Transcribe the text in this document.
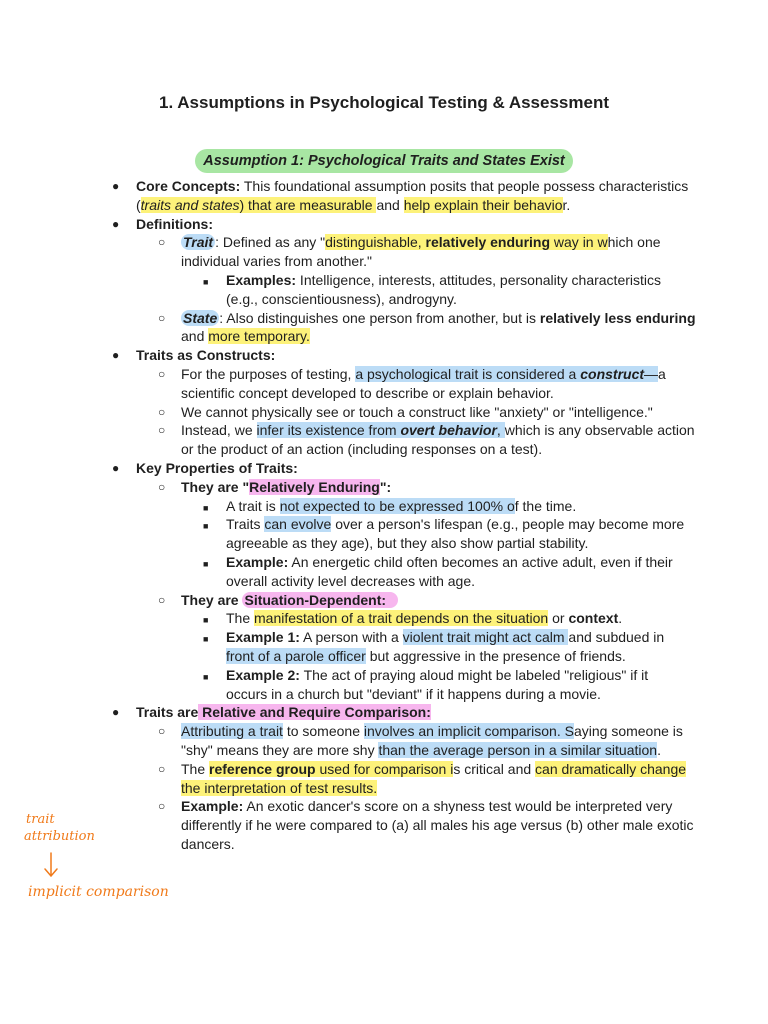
1. Assumptions in Psychological Testing & Assessment
Assumption 1: Psychological Traits and States Exist
● Core Concepts: This foundational assumption posits that people possess characteristics (traits and states) that are measurable and help explain their behavior.
● Definitions:
○ Trait : Defined as any "distinguishable, relatively enduring way in which one individual varies from another."
■ Examples: Intelligence, interests, attitudes, personality characteristics (e.g., conscientiousness), androgyny.
○ State : Also distinguishes one person from another, but is relatively less enduring and more temporary.
● Traits as Constructs:
○ For the purposes of testing, a psychological trait is considered a construct—a scientific concept developed to describe or explain behavior.
○ We cannot physically see or touch a construct like "anxiety" or "intelligence."
○ Instead, we infer its existence from overt behavior, which is any observable action or the product of an action (including responses on a test).
● Key Properties of Traits:
○ They are "Relatively Enduring":
■ A trait is not expected to be expressed 100% of the time.
■ Traits can evolve over a person's lifespan (e.g., people may become more agreeable as they age), but they also show partial stability.
■ Example: An energetic child often becomes an active adult, even if their overall activity level decreases with age.
○ They are Situation-Dependent:
■ The manifestation of a trait depends on the situation or context.
■ Example 1: A person with a violent trait might act calm and subdued in front of a parole officer but aggressive in the presence of friends.
■ Example 2: The act of praying aloud might be labeled "religious" if it occurs in a church but "deviant" if it happens during a movie.
● Traits are Relative and Require Comparison:
○ Attributing a trait to someone involves an implicit comparison. Saying someone is "shy" means they are more shy than the average person in a similar situation.
○ The reference group used for comparison is critical and can dramatically change the interpretation of test results.
○ Example: An exotic dancer's score on a shyness test would be interpreted very differently if he were compared to (a) all males his age versus (b) other male exotic dancers.
trait
attribution
implicit comparison
